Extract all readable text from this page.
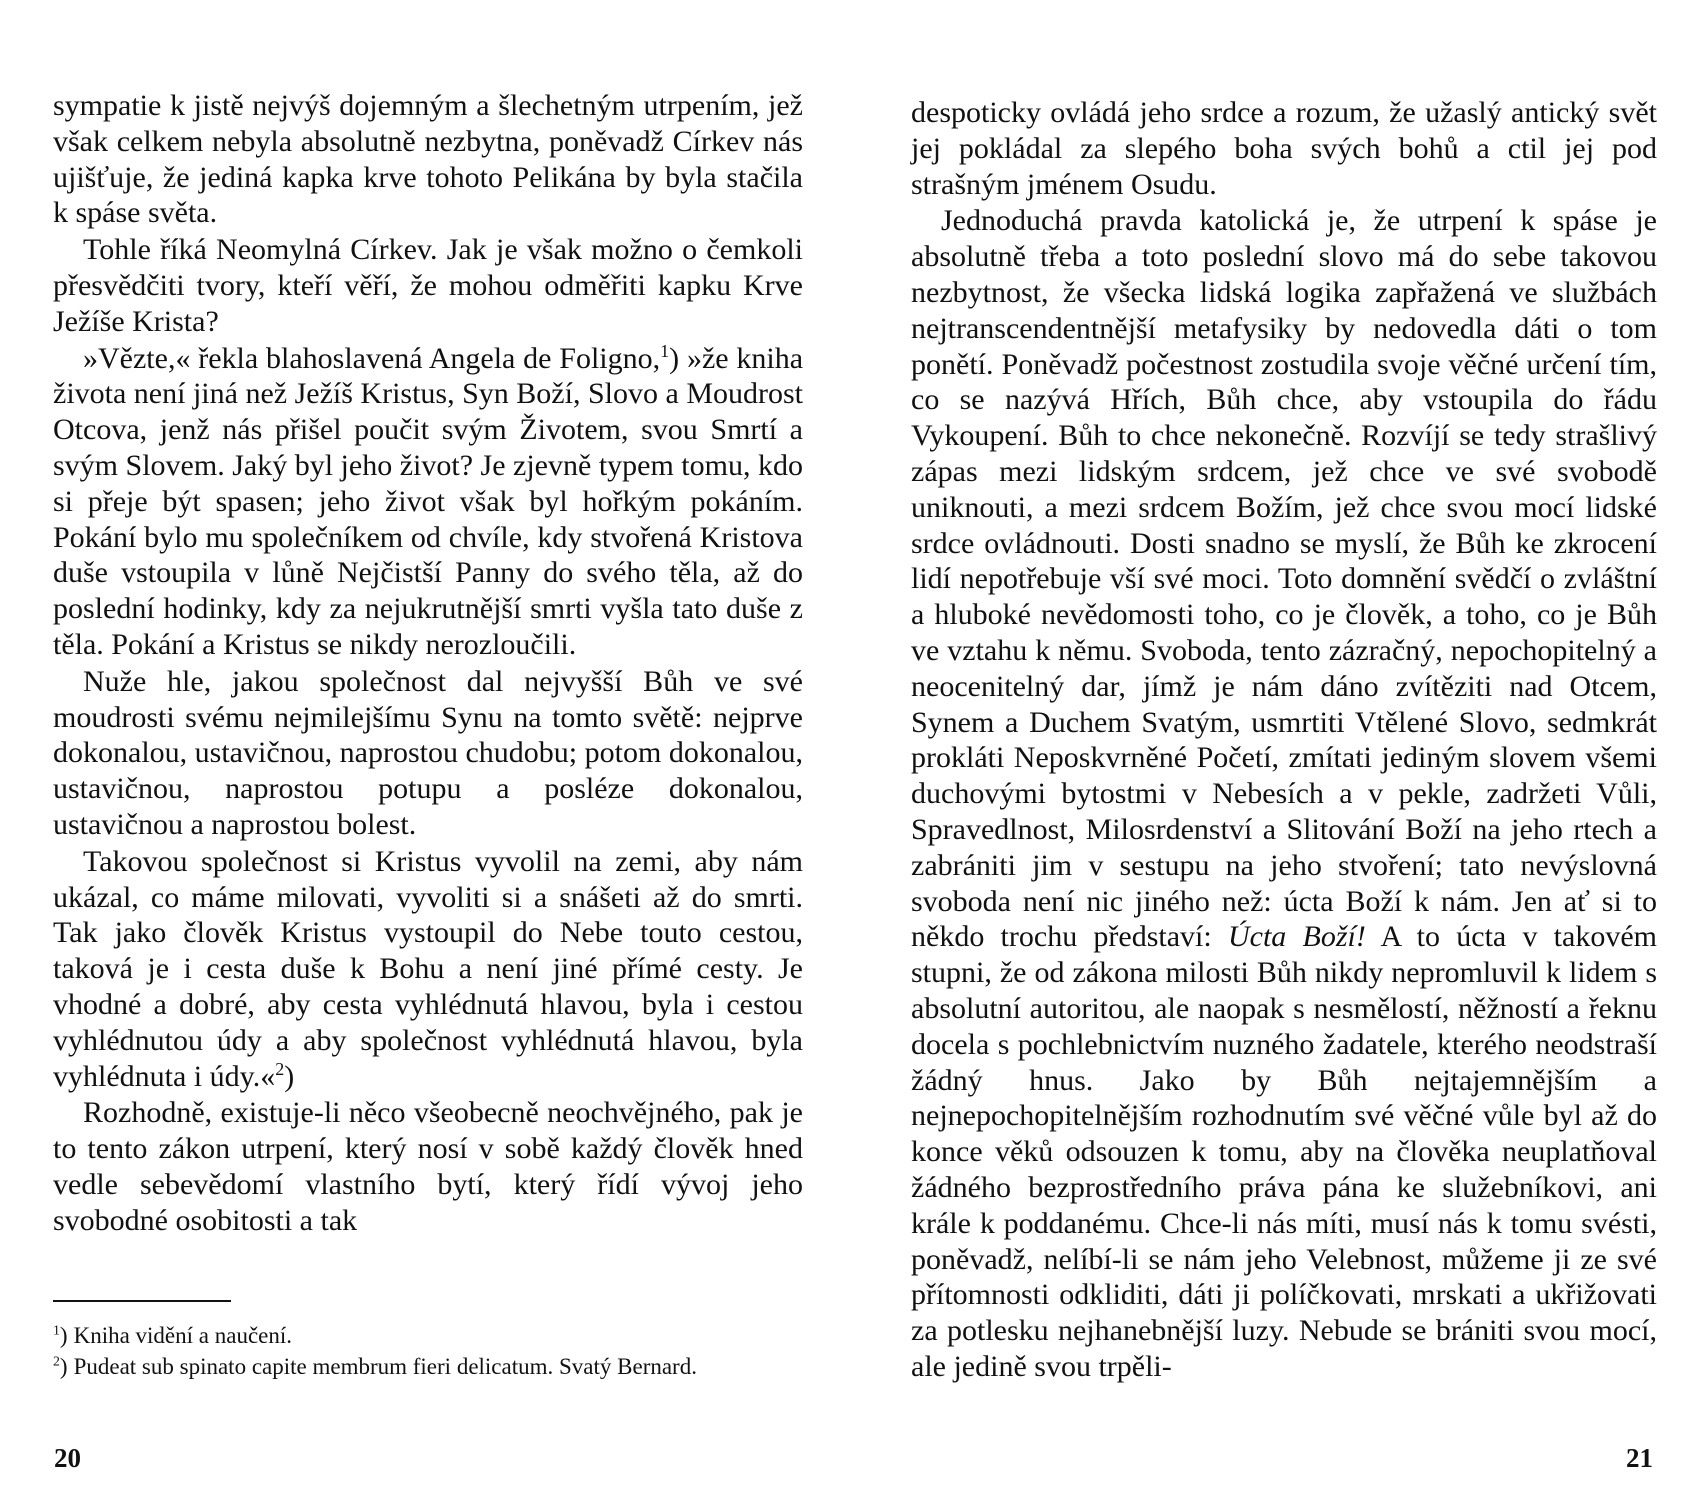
sympatie k jistě nejvýš dojemným a šlechetným utrpením, jež však celkem nebyla absolutně nezbytna, poněvadž Církev nás ujišťuje, že jediná kapka krve tohoto Pelikána by byla stačila k spáse světa.

Tohle říká Neomylná Církev. Jak je však možno o čemkoli přesvědčiti tvory, kteří věří, že mohou odměřiti kapku Krve Ježíše Krista?

»Vězte,« řekla blahoslavená Angela de Foligno,$^1$) »že kniha života není jiná než Ježíš Kristus, Syn Boží, Slovo a Moudrost Otcova, jenž nás přišel poučit svým Životem, svou Smrtí a svým Slovem. Jaký byl jeho život? Je zjevně typem tomu, kdo si přeje být spasen; jeho život však byl hořkým pokáním. Pokání bylo mu společníkem od chvíle, kdy stvořená Kristova duše vstoupila v lůně Nejčistší Panny do svého těla, až do poslední hodinky, kdy za nejukrutnější smrti vyšla tato duše z těla. Pokání a Kristus se nikdy nerozloučili.

Nuže hle, jakou společnost dal nejvyšší Bůh ve své moudrosti svému nejmilejšímu Synu na tomto světě: nejprve dokonalou, ustavičnou, naprostou chudobu; potom dokonalou, ustavičnou, naprostou potupu a posléze dokonalou, ustavičnou a naprostou bolest.

Takovou společnost si Kristus vyvolil na zemi, aby nám ukázal, co máme milovati, vyvoliti si a snášeti až do smrti. Tak jako člověk Kristus vystoupil do Nebe touto cestou, taková je i cesta duše k Bohu a není jiné přímé cesty. Je vhodné a dobré, aby cesta vyhlédnutá hlavou, byla i cestou vyhlédnutou údy a aby společnost vyhlédnutá hlavou, byla vyhlédnuta i údy.«$^2$)

Rozhodně, existuje-li něco všeobecně neochvějného, pak je to tento zákon utrpení, který nosí v sobě každý člověk hned vedle sebevědomí vlastního bytí, který řídí vývoj jeho svobodné osobitosti a tak

$^1$) Kniha vidění a naučení.

$^2$) Pudeat sub spinato capite membrum fieri delicatum. Svatý Bernard.

20

despoticky ovládá jeho srdce a rozum, že užaslý antický svět jej pokládal za slepého boha svých bohů a ctil jej pod strašným jménem Osudu.

Jednoduchá pravda katolická je, že utrpení k spáse je absolutně třeba a toto poslední slovo má do sebe takovou nezbytnost, že všecka lidská logika zapřažená ve službách nejtranscendentnější metafysiky by nedovedla dáti o tom ponětí. Poněvadž počestnost zostudila svoje věčné určení tím, co se nazývá Hřích, Bůh chce, aby vstoupila do řádu Vykoupení. Bůh to chce nekonečně. Rozvíjí se tedy strašlivý zápas mezi lidským srdcem, jež chce ve své svobodě uniknouti, a mezi srdcem Božím, jež chce svou mocí lidské srdce ovládnouti. Dosti snadno se myslí, že Bůh ke zkrocení lidí nepotřebuje vší své moci. Toto domnění svědčí o zvláštní a hluboké nevědomosti toho, co je člověk, a toho, co je Bůh ve vztahu k němu. Svoboda, tento zázračný, nepochopitelný a neocenitelný dar, jímž je nám dáno zvítěziti nad Otcem, Synem a Duchem Svatým, usmrtiti Vtělené Slovo, sedmkrát prokláti Neposkvrněné Početí, zmítati jediným slovem všemi duchovými bytostmi v Nebesích a v pekle, zadržeti Vůli, Spravedlnost, Milosrdenství a Slitování Boží na jeho rtech a zabrániti jim v sestupu na jeho stvoření; tato nevýslovná svoboda není nic jiného než: úcta Boží k nám. Jen ať si to někdo trochu představí: Úcta Boží! A to úcta v takovém stupni, že od zákona milosti Bůh nikdy nepromluvil k lidem s absolutní autoritou, ale naopak s nesmělostí, něžností a řeknu docela s pochlebnictvím nuzného žadatele, kterého neodstraší žádný hnus. Jako by Bůh nejtajemnějším a nejnepochopitelnějším rozhodnutím své věčné vůle byl až do konce věků odsouzen k tomu, aby na člověka neuplatňoval žádného bezprostředního práva pána ke služebníkovi, ani krále k poddanému. Chce-li nás míti, musí nás k tomu svésti, poněvadž, nelíbí-li se nám jeho Velebnost, můžeme ji ze své přítomnosti odkliditi, dáti ji políčkovati, mrskati a ukřižovati za potlesku nejhanebnější luzy. Nebude se brániti svou mocí, ale jedině svou trpěli-

21
